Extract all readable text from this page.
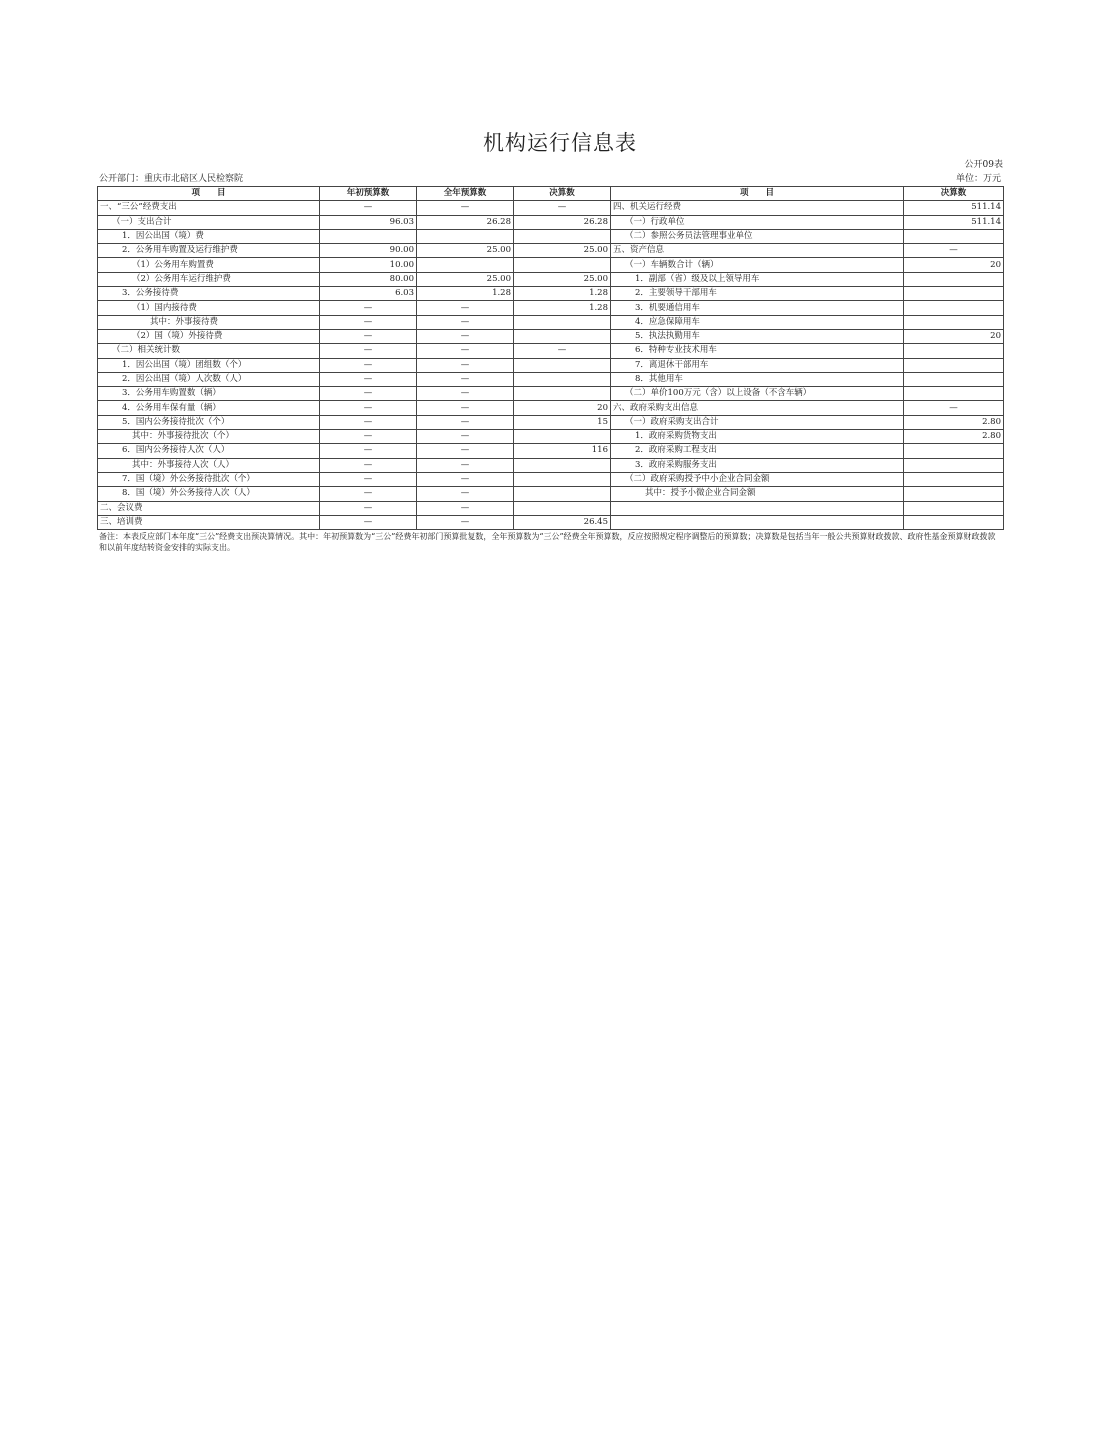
机构运行信息表
公开09表
公开部门：重庆市北碚区人民检察院	单位：万元
项　　目	年初预算数	全年预算数	决算数	项　　目	决算数
一、“三公”经费支出	—	—	—	四、机关运行经费	511.14
（一）支出合计	96.03	26.28	26.28	（一）行政单位	511.14
1．因公出国（境）费				（二）参照公务员法管理事业单位	
2．公务用车购置及运行维护费	90.00	25.00	25.00	五、资产信息	—
（1）公务用车购置费	10.00			（一）车辆数合计（辆）	20
（2）公务用车运行维护费	80.00	25.00	25.00	1．副部（省）级及以上领导用车	
3．公务接待费	6.03	1.28	1.28	2．主要领导干部用车	
（1）国内接待费	—	—	1.28	3．机要通信用车	
其中：外事接待费	—	—		4．应急保障用车	
（2）国（境）外接待费	—	—		5．执法执勤用车	20
（二）相关统计数	—	—	—	6．特种专业技术用车	
1．因公出国（境）团组数（个）	—	—		7．离退休干部用车	
2．因公出国（境）人次数（人）	—	—		8．其他用车	
3．公务用车购置数（辆）	—	—		（二）单价100万元（含）以上设备（不含车辆）	
4．公务用车保有量（辆）	—	—	20	六、政府采购支出信息	—
5．国内公务接待批次（个）	—	—	15	（一）政府采购支出合计	2.80
其中：外事接待批次（个）	—	—		1．政府采购货物支出	2.80
6．国内公务接待人次（人）	—	—	116	2．政府采购工程支出	
其中：外事接待人次（人）	—	—		3．政府采购服务支出	
7．国（境）外公务接待批次（个）	—	—		（二）政府采购授予中小企业合同金额	
8．国（境）外公务接待人次（人）	—	—		其中：授予小微企业合同金额	
二、会议费	—	—			
三、培训费	—	—	26.45		
备注：本表反应部门本年度“三公”经费支出预决算情况。其中：年初预算数为“三公”经费年初部门预算批复数，全年预算数为“三公”经费全年预算数，反应按照规定程序调整后的预算数；决算数是包括当年一般公共预算财政拨款、政府性基金预算财政拨款和以前年度结转资金安排的实际支出。
